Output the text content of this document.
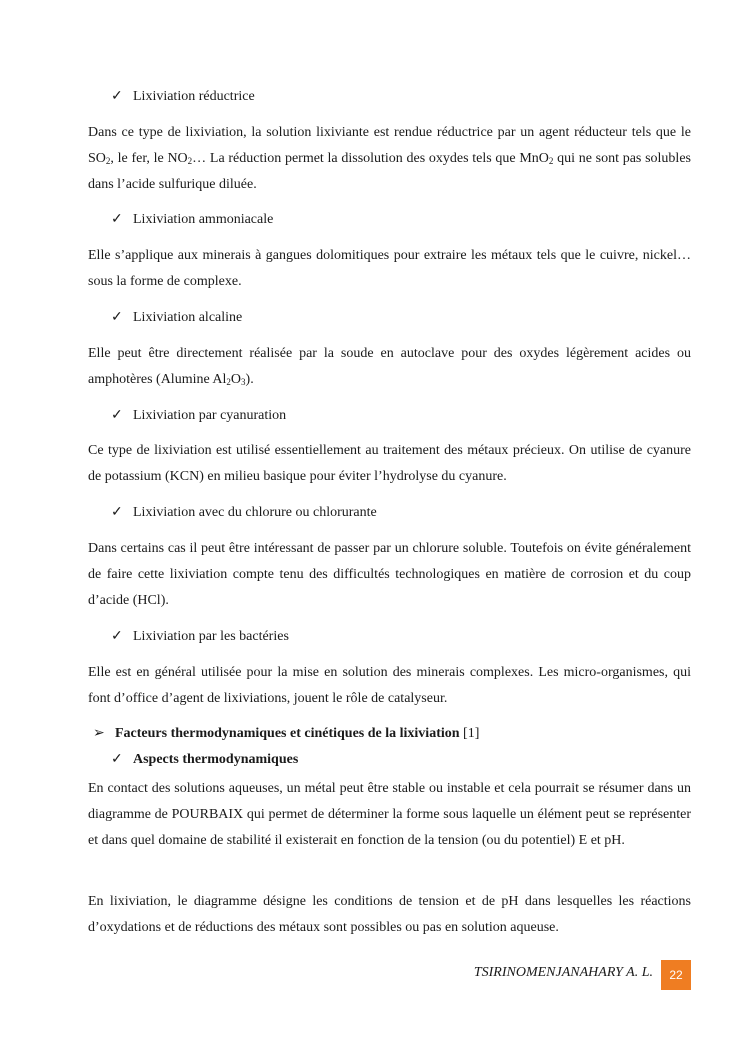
✓ Lixiviation réductrice
Dans ce type de lixiviation, la solution lixiviante est rendue réductrice par un agent réducteur tels que le $SO_2$, le fer, le $NO_2\dots$ La réduction permet la dissolution des oxydes tels que MnO$_2$ qui ne sont pas solubles dans l’acide sulfurique diluée.
✓ Lixiviation ammoniacale
Elle s’applique aux minerais à gangues dolomitiques pour extraire les métaux tels que le cuivre, nickel… sous la forme de complexe.
✓ Lixiviation alcaline
Elle peut être directement réalisée par la soude en autoclave pour des oxydes légèrement acides ou amphotères (Alumine $Al_2O_3$).
✓ Lixiviation par cyanuration
Ce type de lixiviation est utilisé essentiellement au traitement des métaux précieux. On utilise de cyanure de potassium (KCN) en milieu basique pour éviter l’hydrolyse du cyanure.
✓ Lixiviation avec du chlorure ou chlorurante
Dans certains cas il peut être intéressant de passer par un chlorure soluble. Toutefois on évite généralement de faire cette lixiviation compte tenu des difficultés technologiques en matière de corrosion et du coup d’acide (HCl).
✓ Lixiviation par les bactéries
Elle est en général utilisée pour la mise en solution des minerais complexes. Les micro-organismes, qui font d’office d’agent de lixiviations, jouent le rôle de catalyseur.
➢ Facteurs thermodynamiques et cinétiques de la lixiviation [1]
✓ Aspects thermodynamiques
En contact des solutions aqueuses, un métal peut être stable ou instable et cela pourrait se résumer dans un diagramme de POURBAIX qui permet de déterminer la forme sous laquelle un élément peut se représenter et dans quel domaine de stabilité il existerait en fonction de la tension (ou du potentiel) E et pH.
En lixiviation, le diagramme désigne les conditions de tension et de pH dans lesquelles les réactions d’oxydations et de réductions des métaux sont possibles ou pas en solution aqueuse.
TSIRINOMENJANAHARY A. L.	22
